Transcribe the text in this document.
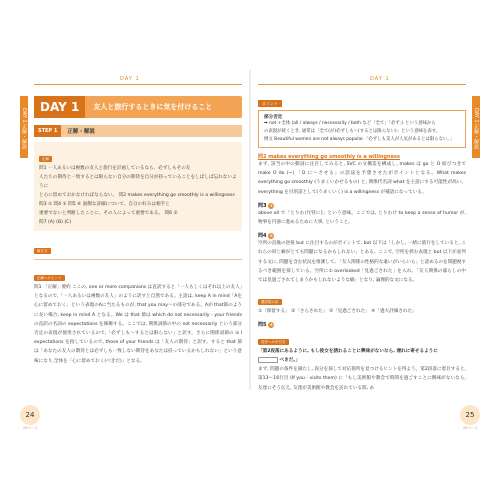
DAY 1	DAY 1
DAY 1 正解・解説	DAY 1 正解・解説
DAY 1	友人と旅行するときに気を付けること
STEP 1	正解・解説
正解
問1 一人あるいは複数の友人と旅行を計画しているなら、必ずしもその友
人たちの期待と一致するとは限らない自分の期待を自分が持っていることをしばしば忘れないように
と心に留めておかなければならない。 問2 makes everything go smoothly is a willingness
問3 ① 問4 ① 問5 ⑥ 面倒な詳細について、自分の好みは相手と
重要でないと判断したことに、その人によって重要である。 問6 ②
問7 (A) (B) (C)
解き方
正解へのヒント
問1 「正解」要約 ここの, one or more companions は直訳すると「一人もしくはそれ以上の友人」となるので,「一人あるいは複数の友人」のように訳すと自然である。主語は, keep A in mind「Aを心に留めておく」という表現のAに当たるものが, that you may～の部分である。Aが that節のように長い場合, keep in mind A となる。We は that 節は which do not necessarily - your friends の直訳の名詞の expectations を修飾する。ここでは, 関係詞節の中の not necessarily という部分否定の表現が使用されているので,「必ずしも～するとは限らない」と訳す。さらに関係詞節の is I expectations を指しているので, those of your friends は「友人の期待」と訳す。すると that 節は「あなたの友人の期待とは必ずしも一致しない期待をあなたは持っているかもしれない」という意味になり,全体を「心に留めておく(べきだ)」となる。
ポイント
部分否定
➡ not +全体 (all / always / necessarily / both など「全て」「必ず」) という意味から
の表現が続くとき, 通常は「全て(が)必ずしも～(するとは限らない)」という意味を表す。
例文 Beautiful women are not always popular.「必ずしも美人が人気があるとは限らない。」
問2 makes everything go smoothly is a willingness
まず, 該当の中の動詞に注目してみると, SVC の文構造を構成し, makes は go と O 結びつきで make O do (~) 「O に～させる」の語法を予想させたがポイントとなる。What makes everything go smoothly (うまくいかせるもの) と, 関係代名詞 what を主語にする可能性が高い。everything を目的語として(うまくいく) is a willingness が補語になっている。
問3 ①
above all で「とりわけ[特に]」という意味。ここでは, とりわけ to keep a sense of humor が, 物事を円滑に進めるために大事, ということ。
問4 ①
空所の直後の逆接 but に注目するのがポイントで, but 以下は「しかし, 一緒に旅行をしていると, これらの同じ癖がとても問題になるかもしれない」とある。ここで, 空所を挟む表現と but 以下が並列する文に, 問題を含む状況を推測して, 「友人関係の性格的な違いがいらいら」と読めるのを問題視するべき範囲を探している。空所に① overlooked「見過ごされた」を入れ, 「友人関係の暮らしの中では見過ごされてしまうかもしれないような癖」となり, 論理的な文になる。
選択肢の訳
①「保留する」 ②「さらされた」 ③「見過ごされた」 ④「過大評価された」
問5 ⑥
英作への手引き
「第2段落にあるように, もし彼女を誘わることに興味がないなら, 遅れに寄せるように
べきだ。」
まず, 問題の条件を満たし, 段分を探して対応箇所を見つけるヒントを得よう。第2段落に着目すると, 第13～16行目 (If you - visits them) に「もし美術館や教会で時間を過ごすことに興味がないなら, 友達にそう伝え, 友達が美術館や教会を訪れている間, あ
24
24ページ
25
25ページ
